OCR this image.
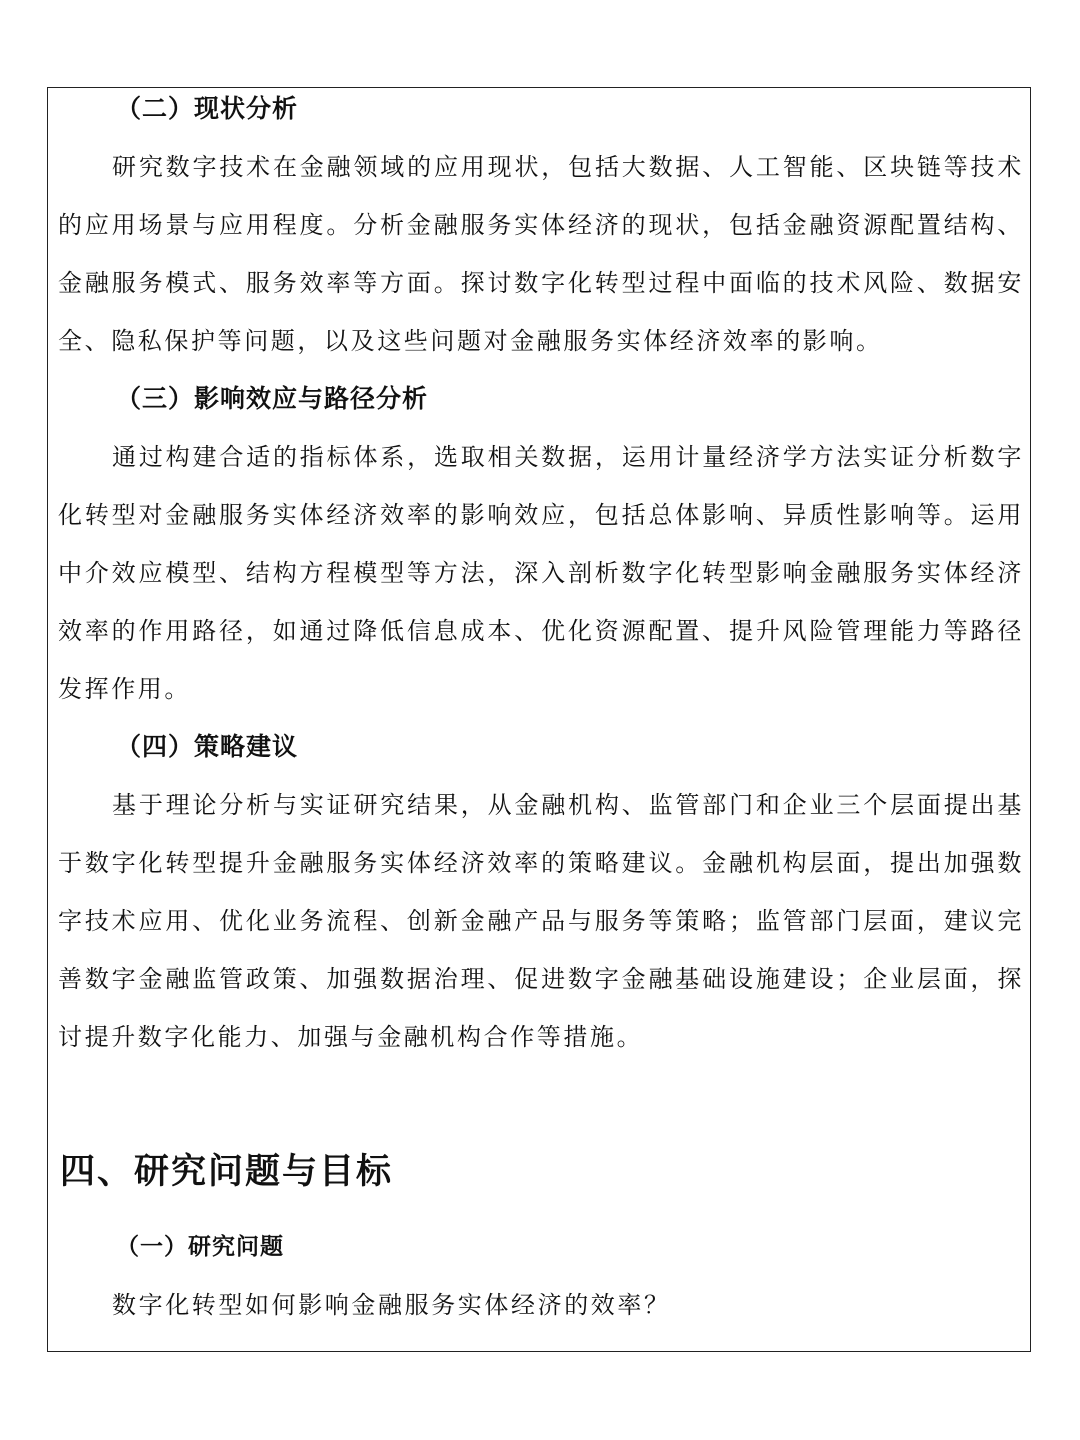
（二）现状分析

研究数字技术在金融领域的应用现状，包括大数据、人工智能、区块链等技术的应用场景与应用程度。分析金融服务实体经济的现状，包括金融资源配置结构、金融服务模式、服务效率等方面。探讨数字化转型过程中面临的技术风险、数据安全、隐私保护等问题，以及这些问题对金融服务实体经济效率的影响。

（三）影响效应与路径分析

通过构建合适的指标体系，选取相关数据，运用计量经济学方法实证分析数字化转型对金融服务实体经济效率的影响效应，包括总体影响、异质性影响等。运用中介效应模型、结构方程模型等方法，深入剖析数字化转型影响金融服务实体经济效率的作用路径，如通过降低信息成本、优化资源配置、提升风险管理能力等路径发挥作用。

（四）策略建议

基于理论分析与实证研究结果，从金融机构、监管部门和企业三个层面提出基于数字化转型提升金融服务实体经济效率的策略建议。金融机构层面，提出加强数字技术应用、优化业务流程、创新金融产品与服务等策略；监管部门层面，建议完善数字金融监管政策、加强数据治理、促进数字金融基础设施建设；企业层面，探讨提升数字化能力、加强与金融机构合作等措施。

四、研究问题与目标
（一）研究问题

数字化转型如何影响金融服务实体经济的效率？
